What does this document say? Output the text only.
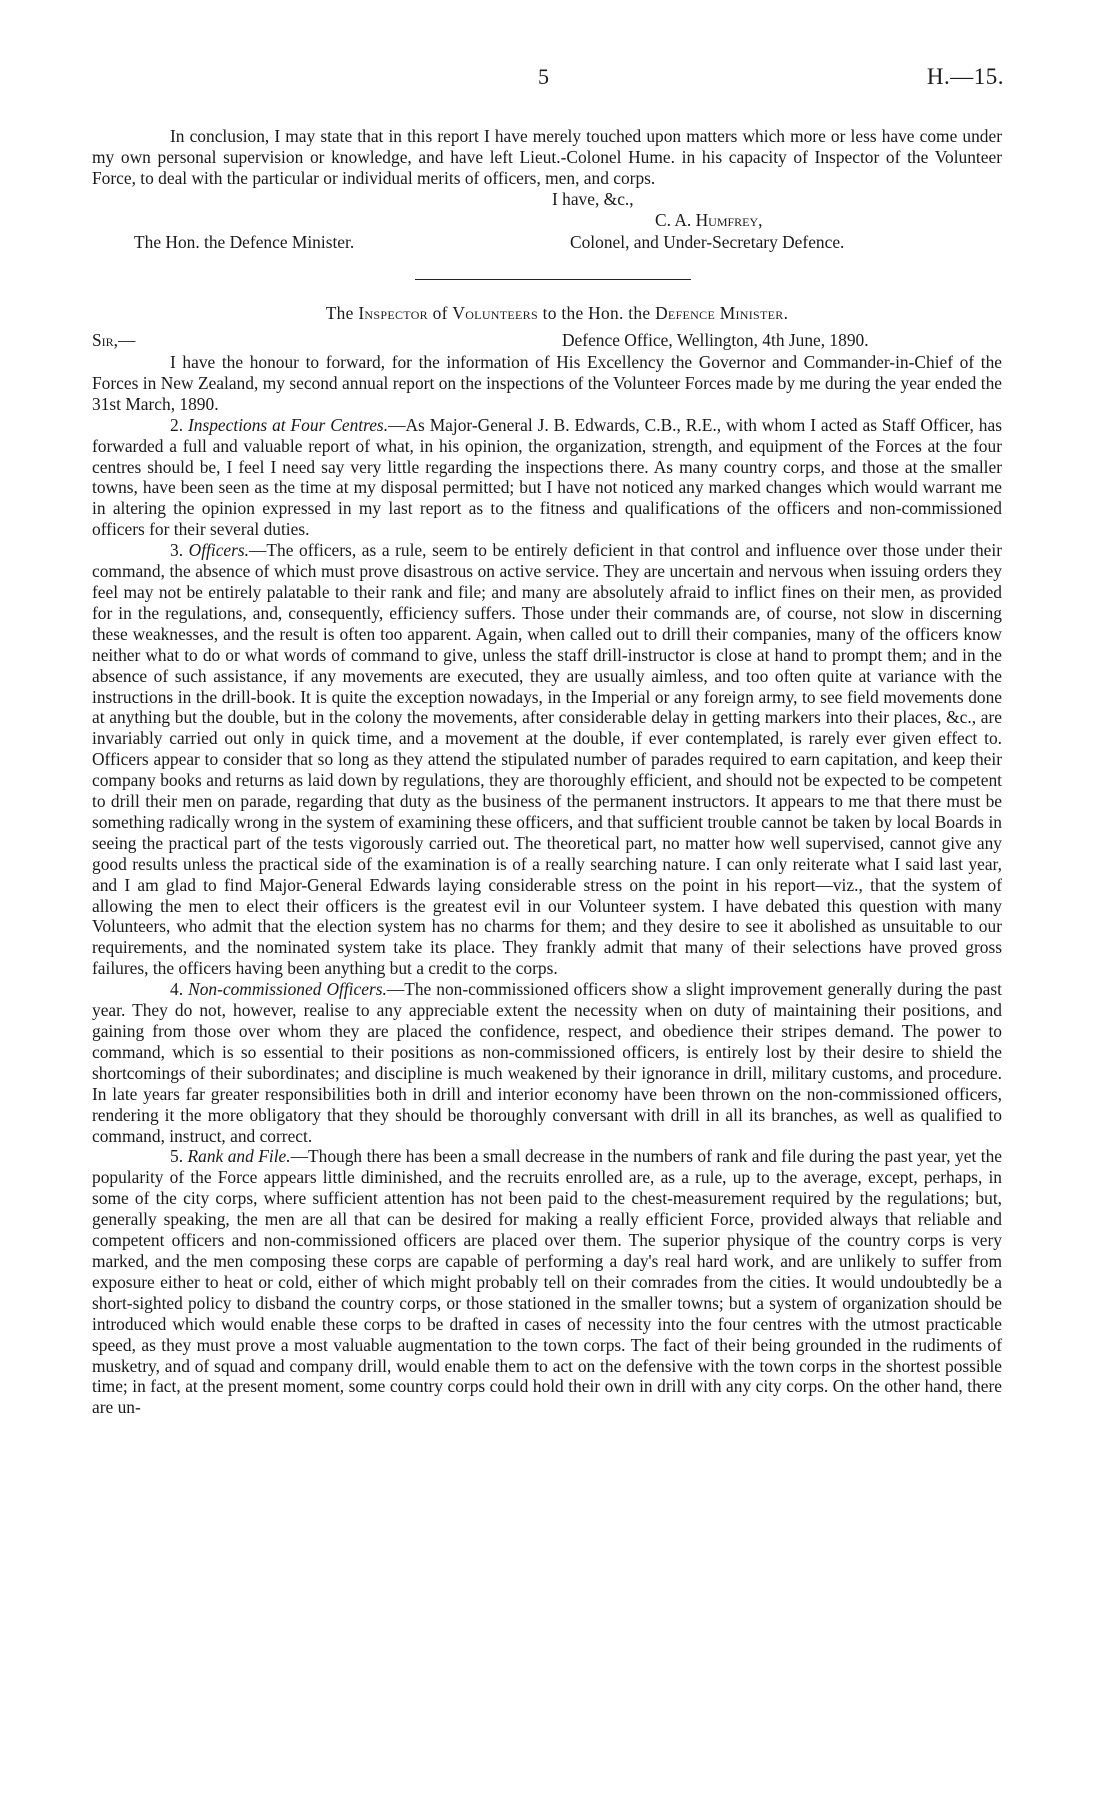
5	H.—15.

In conclusion, I may state that in this report I have merely touched upon matters which more or less have come under my own personal supervision or knowledge, and have left Lieut.-Colonel Hume. in his capacity of Inspector of the Volunteer Force, to deal with the particular or individual merits of officers, men, and corps.

I have, &c.,
C. A. Humfrey,
The Hon. the Defence Minister.	Colonel, and Under-Secretary Defence.
The Inspector of Volunteers to the Hon. the Defence Minister.
Sir,—	Defence Office, Wellington, 4th June, 1890.

I have the honour to forward, for the information of His Excellency the Governor and Commander-in-Chief of the Forces in New Zealand, my second annual report on the inspections of the Volunteer Forces made by me during the year ended the 31st March, 1890.

2. Inspections at Four Centres.—As Major-General J. B. Edwards, C.B., R.E., with whom I acted as Staff Officer, has forwarded a full and valuable report of what, in his opinion, the organization, strength, and equipment of the Forces at the four centres should be, I feel I need say very little regarding the inspections there. As many country corps, and those at the smaller towns, have been seen as the time at my disposal permitted; but I have not noticed any marked changes which would warrant me in altering the opinion expressed in my last report as to the fitness and qualifications of the officers and non-commissioned officers for their several duties.

3. Officers.—The officers, as a rule, seem to be entirely deficient in that control and influence over those under their command, the absence of which must prove disastrous on active service. They are uncertain and nervous when issuing orders they feel may not be entirely palatable to their rank and file; and many are absolutely afraid to inflict fines on their men, as provided for in the regulations, and, consequently, efficiency suffers. Those under their commands are, of course, not slow in discerning these weaknesses, and the result is often too apparent. Again, when called out to drill their companies, many of the officers know neither what to do or what words of command to give, unless the staff drill-instructor is close at hand to prompt them; and in the absence of such assistance, if any movements are executed, they are usually aimless, and too often quite at variance with the instructions in the drill-book. It is quite the exception nowadays, in the Imperial or any foreign army, to see field movements done at anything but the double, but in the colony the movements, after considerable delay in getting markers into their places, &c., are invariably carried out only in quick time, and a movement at the double, if ever contemplated, is rarely ever given effect to. Officers appear to consider that so long as they attend the stipulated number of parades required to earn capitation, and keep their company books and returns as laid down by regulations, they are thoroughly efficient, and should not be expected to be competent to drill their men on parade, regarding that duty as the business of the permanent instructors. It appears to me that there must be something radically wrong in the system of examining these officers, and that sufficient trouble cannot be taken by local Boards in seeing the practical part of the tests vigorously carried out. The theoretical part, no matter how well supervised, cannot give any good results unless the practical side of the examination is of a really searching nature. I can only reiterate what I said last year, and I am glad to find Major-General Edwards laying considerable stress on the point in his report—viz., that the system of allowing the men to elect their officers is the greatest evil in our Volunteer system. I have debated this question with many Volunteers, who admit that the election system has no charms for them; and they desire to see it abolished as unsuitable to our requirements, and the nominated system take its place. They frankly admit that many of their selections have proved gross failures, the officers having been anything but a credit to the corps.

4. Non-commissioned Officers.—The non-commissioned officers show a slight improvement generally during the past year. They do not, however, realise to any appreciable extent the necessity when on duty of maintaining their positions, and gaining from those over whom they are placed the confidence, respect, and obedience their stripes demand. The power to command, which is so essential to their positions as non-commissioned officers, is entirely lost by their desire to shield the shortcomings of their subordinates; and discipline is much weakened by their ignorance in drill, military customs, and procedure. In late years far greater responsibilities both in drill and interior economy have been thrown on the non-commissioned officers, rendering it the more obligatory that they should be thoroughly conversant with drill in all its branches, as well as qualified to command, instruct, and correct.

5. Rank and File.—Though there has been a small decrease in the numbers of rank and file during the past year, yet the popularity of the Force appears little diminished, and the recruits enrolled are, as a rule, up to the average, except, perhaps, in some of the city corps, where sufficient attention has not been paid to the chest-measurement required by the regulations; but, generally speaking, the men are all that can be desired for making a really efficient Force, provided always that reliable and competent officers and non-commissioned officers are placed over them. The superior physique of the country corps is very marked, and the men composing these corps are capable of performing a day's real hard work, and are unlikely to suffer from exposure either to heat or cold, either of which might probably tell on their comrades from the cities. It would undoubtedly be a short-sighted policy to disband the country corps, or those stationed in the smaller towns; but a system of organization should be introduced which would enable these corps to be drafted in cases of necessity into the four centres with the utmost practicable speed, as they must prove a most valuable augmentation to the town corps. The fact of their being grounded in the rudiments of musketry, and of squad and company drill, would enable them to act on the defensive with the town corps in the shortest possible time; in fact, at the present moment, some country corps could hold their own in drill with any city corps. On the other hand, there are un-
